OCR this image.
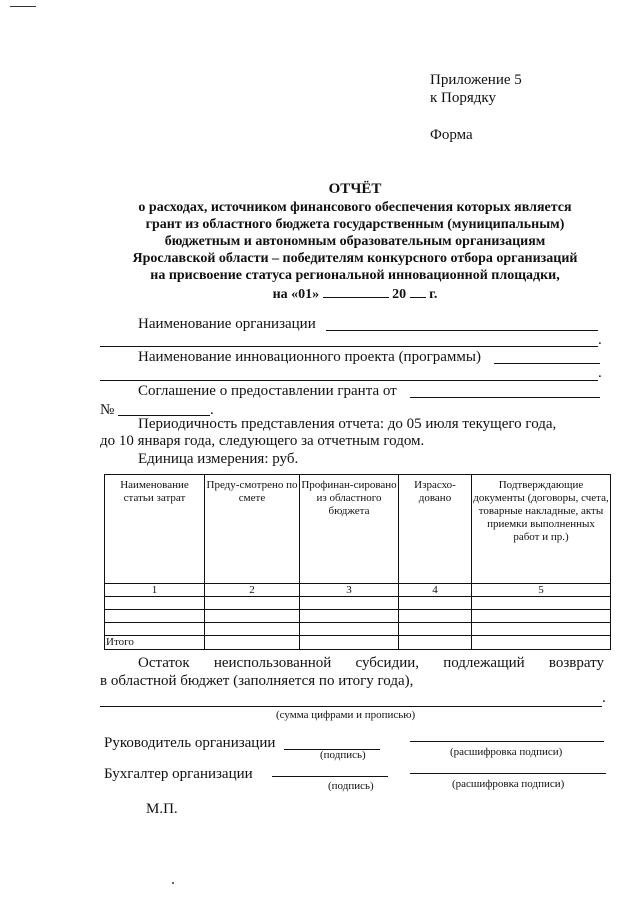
Приложение 5
к Порядку
Форма
ОТЧЁТ
о расходах, источником финансового обеспечения которых является
грант из областного бюджета государственным (муниципальным)
бюджетным и автономным образовательным организациям
Ярославской области – победителям конкурсного отбора организаций
на присвоение статуса региональной инновационной площадки,
на «01»	20 г.
Наименование организации
.
Наименование инновационного проекта (программы)
.
Соглашение о предоставлении гранта от
№	.
Периодичность представления отчета: до 05 июля текущего года,
до 10 января года, следующего за отчетным годом.
Единица измерения: руб.
Наименование статьи затрат	Преду-смотрено по смете	Профинан-сировано из областного бюджета	Израсхо-довано	Подтверждающие документы (договоры, счета, товарные накладные, акты приемки выполненных работ и пр.)
1	2	3	4	5

Итого				
Остаток неиспользованной субсидии, подлежащий возврату
в областной бюджет (заполняется по итогу года),
.
(сумма цифрами и прописью)
Руководитель организации
(подпись)	(расшифровка подписи)
Бухгалтер организации
(подпись)	(расшифровка подписи)
М.П.
